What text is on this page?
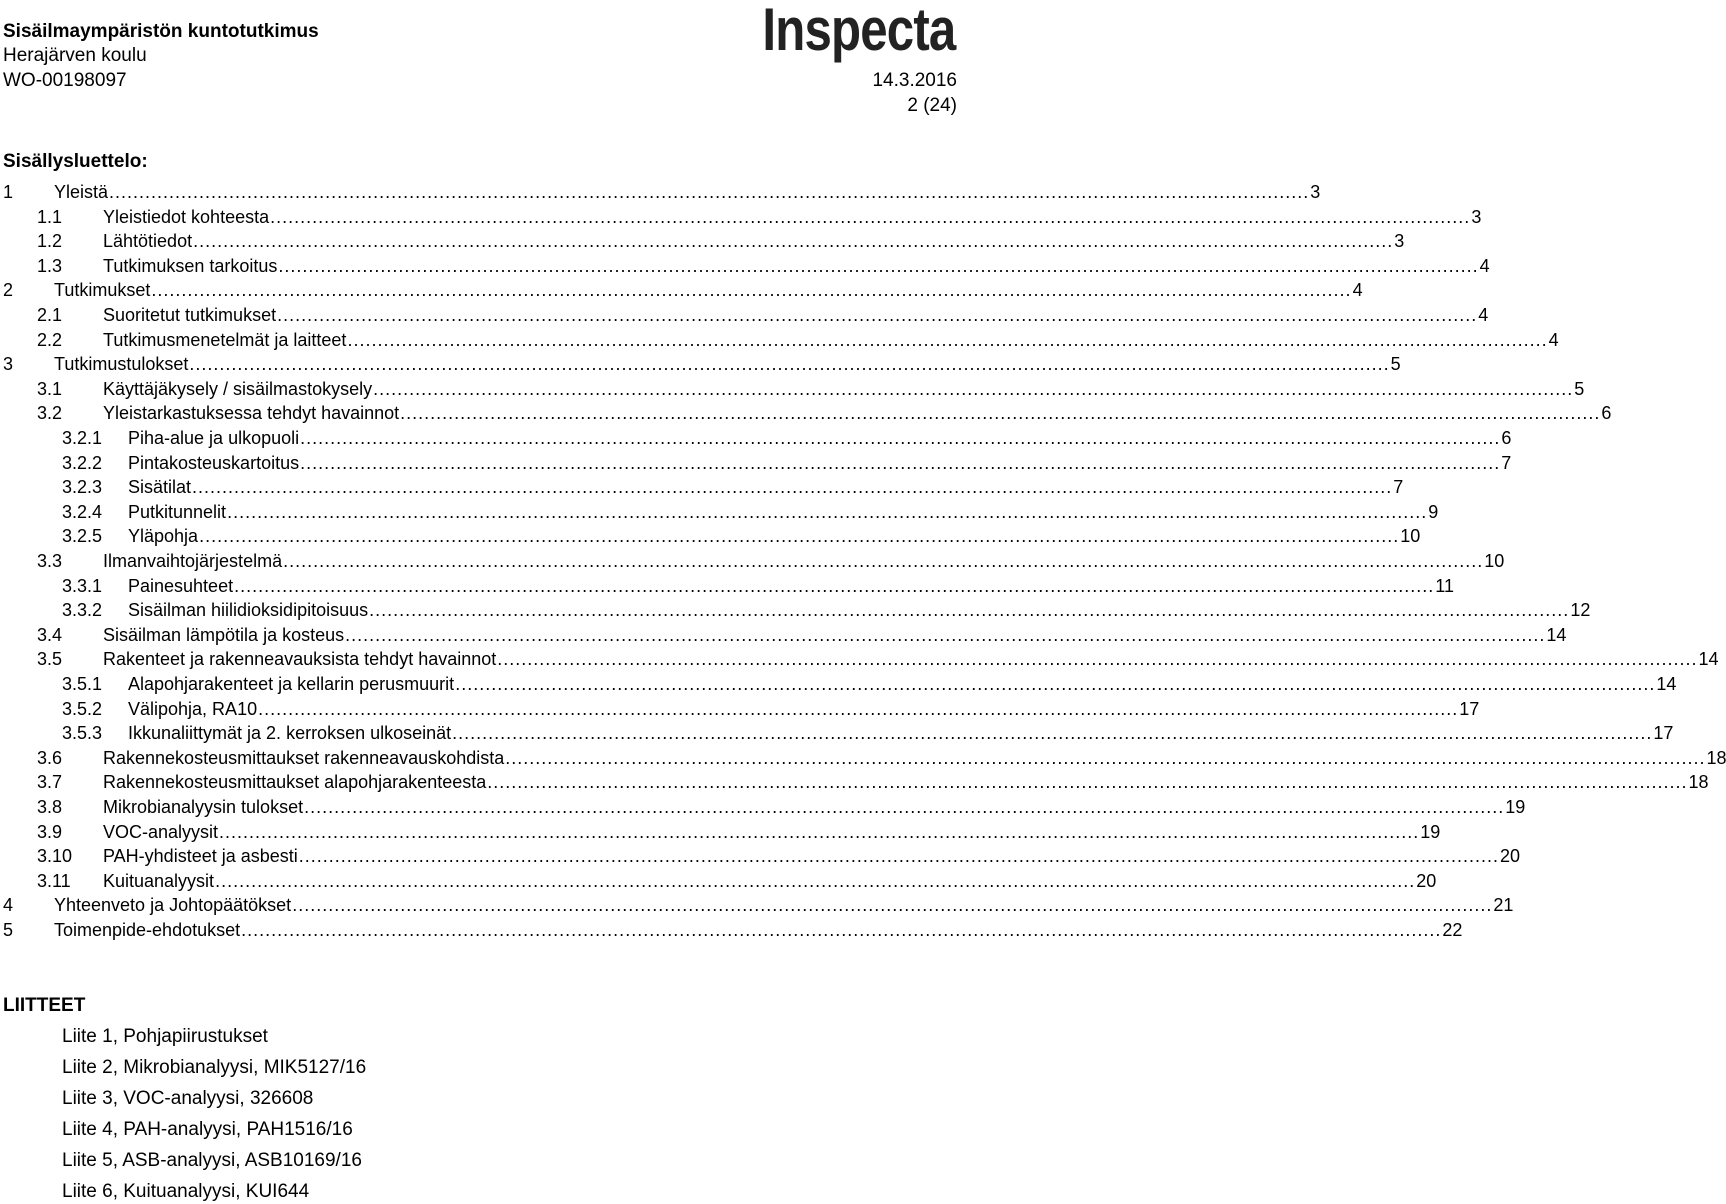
Sisäilmaympäristön kuntotutkimus
Herajärven koulu
WO-00198097	14.3.2016
2 (24)
Inspecta
Sisällysluettelo:
1 Yleistä ........................................................................................................................................................................................................ 3
1.1 Yleistiedot kohteesta ........................................................................................................................................................................................................ 3
1.2 Lähtötiedot ........................................................................................................................................................................................................ 3
1.3 Tutkimuksen tarkoitus ........................................................................................................................................................................................................ 4
2 Tutkimukset ........................................................................................................................................................................................................ 4
2.1 Suoritetut tutkimukset ........................................................................................................................................................................................................ 4
2.2 Tutkimusmenetelmät ja laitteet ........................................................................................................................................................................................................ 4
3 Tutkimustulokset ........................................................................................................................................................................................................ 5
3.1 Käyttäjäkysely / sisäilmastokysely ........................................................................................................................................................................................................ 5
3.2 Yleistarkastuksessa tehdyt havainnot ........................................................................................................................................................................................................ 6
3.2.1 Piha-alue ja ulkopuoli ........................................................................................................................................................................................................ 6
3.2.2 Pintakosteuskartoitus ........................................................................................................................................................................................................ 7
3.2.3 Sisätilat ........................................................................................................................................................................................................ 7
3.2.4 Putkitunnelit ........................................................................................................................................................................................................ 9
3.2.5 Yläpohja ........................................................................................................................................................................................................ 10
3.3 Ilmanvaihtojärjestelmä ........................................................................................................................................................................................................ 10
3.3.1 Painesuhteet ........................................................................................................................................................................................................ 11
3.3.2 Sisäilman hiilidioksidipitoisuus ........................................................................................................................................................................................................ 12
3.4 Sisäilman lämpötila ja kosteus ........................................................................................................................................................................................................ 14
3.5 Rakenteet ja rakenneavauksista tehdyt havainnot ........................................................................................................................................................................................................ 14
3.5.1 Alapohjarakenteet ja kellarin perusmuurit ........................................................................................................................................................................................................ 14
3.5.2 Välipohja, RA10 ........................................................................................................................................................................................................ 17
3.5.3 Ikkunaliittymät ja 2. kerroksen ulkoseinät ........................................................................................................................................................................................................ 17
3.6 Rakennekosteusmittaukset rakenneavauskohdista ........................................................................................................................................................................................................ 18
3.7 Rakennekosteusmittaukset alapohjarakenteesta ........................................................................................................................................................................................................ 18
3.8 Mikrobianalyysin tulokset ........................................................................................................................................................................................................ 19
3.9 VOC-analyysit ........................................................................................................................................................................................................ 19
3.10 PAH-yhdisteet ja asbesti ........................................................................................................................................................................................................ 20
3.11 Kuituanalyysit ........................................................................................................................................................................................................ 20
4 Yhteenveto ja Johtopäätökset ........................................................................................................................................................................................................ 21
5 Toimenpide-ehdotukset ........................................................................................................................................................................................................ 22
LIITTEET
Liite 1, Pohjapiirustukset
Liite 2, Mikrobianalyysi, MIK5127/16
Liite 3, VOC-analyysi, 326608
Liite 4, PAH-analyysi, PAH1516/16
Liite 5, ASB-analyysi, ASB10169/16
Liite 6, Kuituanalyysi, KUI644
